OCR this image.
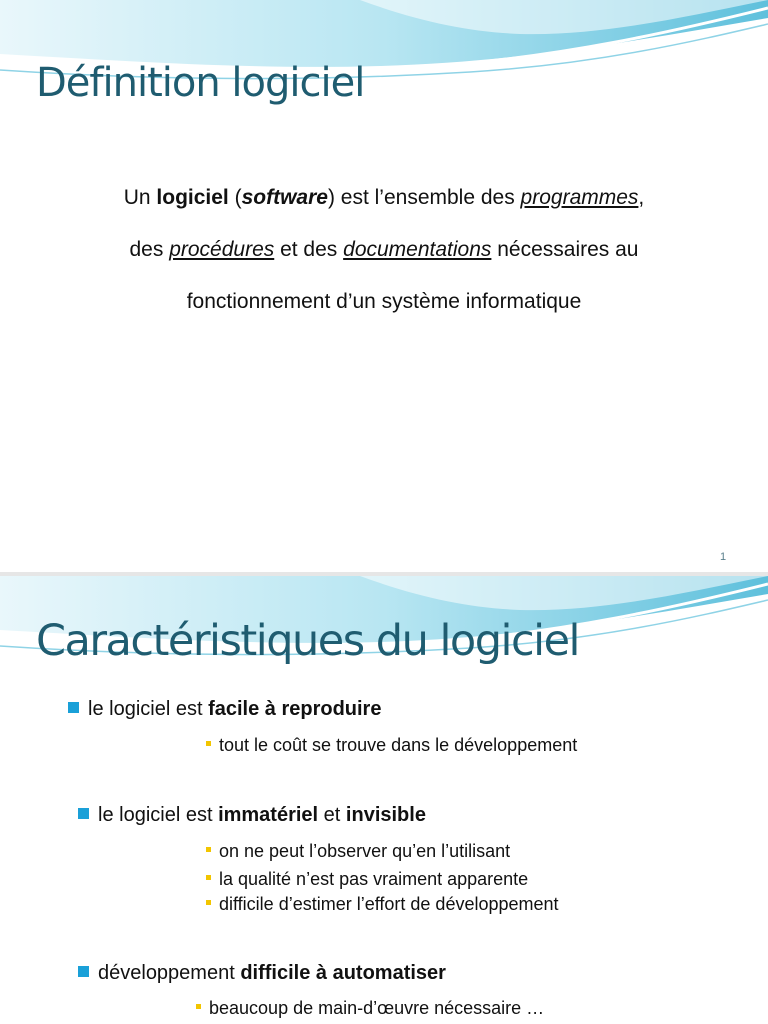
Définition logiciel
Un logiciel (software) est l’ensemble des programmes,
des procédures et des documentations nécessaires au
fonctionnement d’un système informatique
1
Caractéristiques du logiciel
le logiciel est facile à reproduire
tout le coût se trouve dans le développement
le logiciel est immatériel et invisible
on ne peut l’observer qu’en l’utilisant
la qualité n’est pas vraiment apparente
difficile d’estimer l’effort de développement
développement difficile à automatiser
beaucoup de main-d’œuvre nécessaire …
